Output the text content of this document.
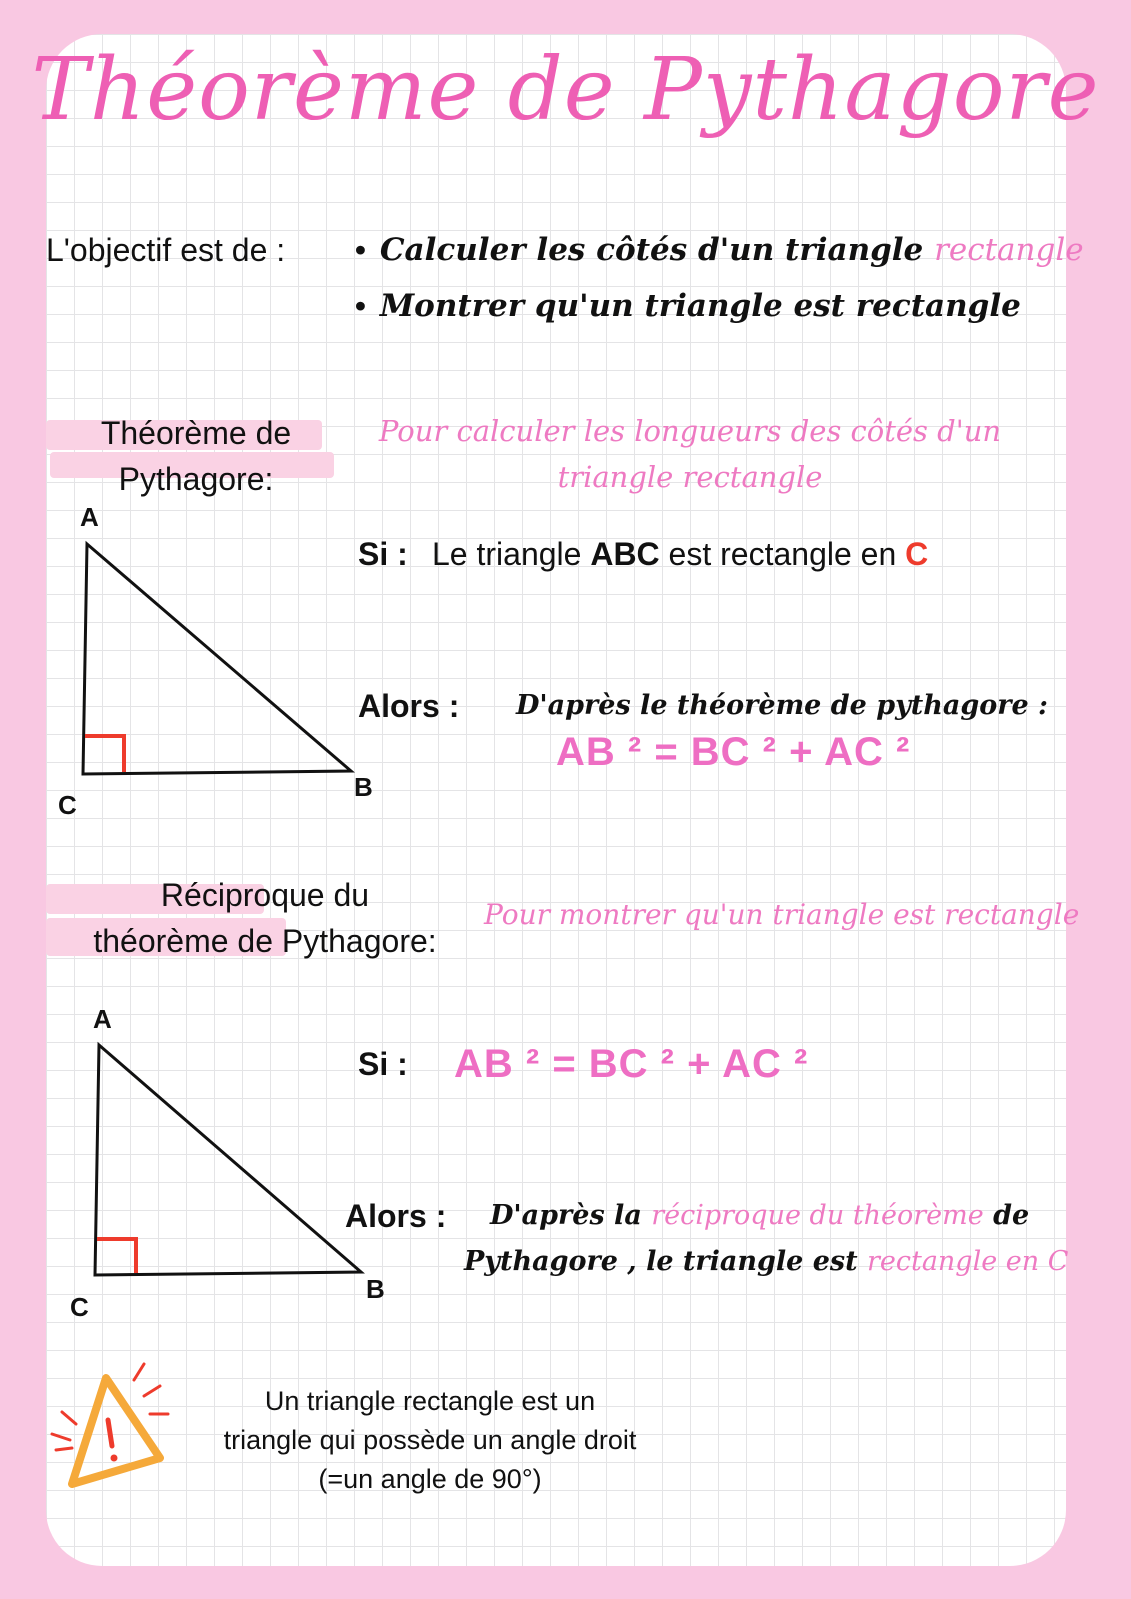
Théorème de Pythagore
L'objectif est de :
•	Calculer les côtés d'un triangle rectangle
• Montrer qu'un triangle est rectangle
Théorème de
Pythagore:
Pour calculer les longueurs des côtés d'un
triangle rectangle
A
B
C
Si : Le triangle ABC est rectangle en C
Alors : D'après le théorème de pythagore :
AB ² = BC ² + AC ²
Réciproque du
théorème de Pythagore:
Pour montrer qu'un triangle est rectangle
A
B
C
Si : AB ² = BC ² + AC ²
Alors : D'après la réciproque du théorème de
Pythagore , le triangle est rectangle en C
Un triangle rectangle est un
triangle qui possède un angle droit
(=un angle de 90°)
